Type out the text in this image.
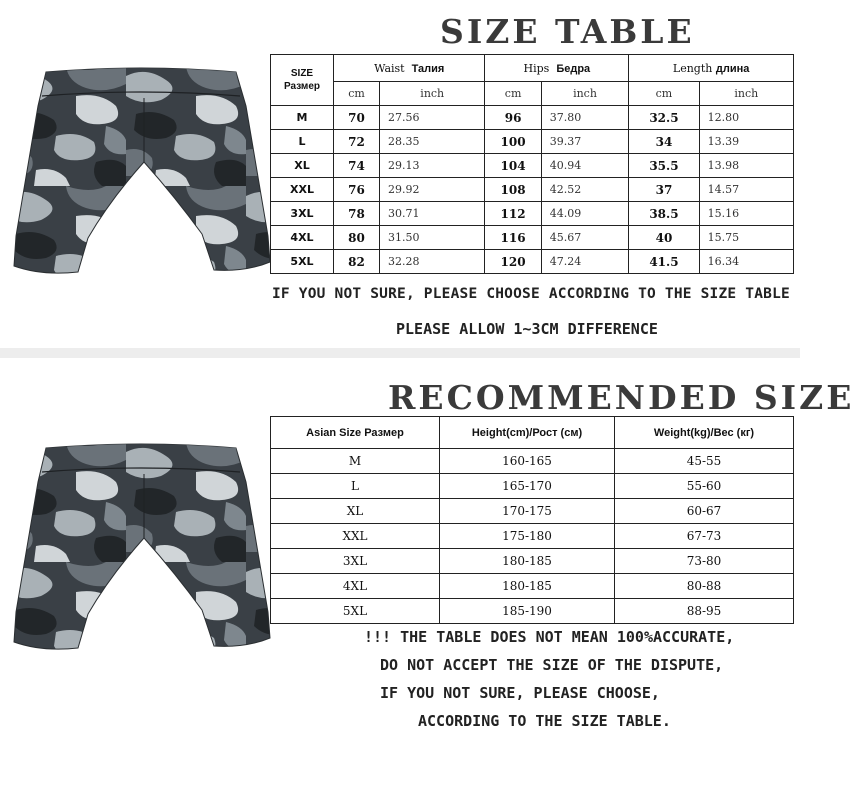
SIZE TABLE
SIZE
Размер	Waist Талия		Hips Бедра		Length длина	
	cm	inch	cm	inch	cm	inch
M	70	27.56	96	37.80	32.5	12.80
L	72	28.35	100	39.37	34	13.39
XL	74	29.13	104	40.94	35.5	13.98
XXL	76	29.92	108	42.52	37	14.57
3XL	78	30.71	112	44.09	38.5	15.16
4XL	80	31.50	116	45.67	40	15.75
5XL	82	32.28	120	47.24	41.5	16.34
IF YOU NOT SURE, PLEASE CHOOSE ACCORDING TO THE SIZE TABLE
PLEASE ALLOW 1~3CM DIFFERENCE
RECOMMENDED SIZE
Asian Size Размер	Height(cm)/Рост (см)	Weight(kg)/Вес (кг)
M	160-165	45-55
L	165-170	55-60
XL	170-175	60-67
XXL	175-180	67-73
3XL	180-185	73-80
4XL	180-185	80-88
5XL	185-190	88-95
!!! THE TABLE DOES NOT MEAN 100%ACCURATE,
DO NOT ACCEPT THE SIZE OF THE DISPUTE,
IF YOU NOT SURE, PLEASE CHOOSE,
ACCORDING TO THE SIZE TABLE.
